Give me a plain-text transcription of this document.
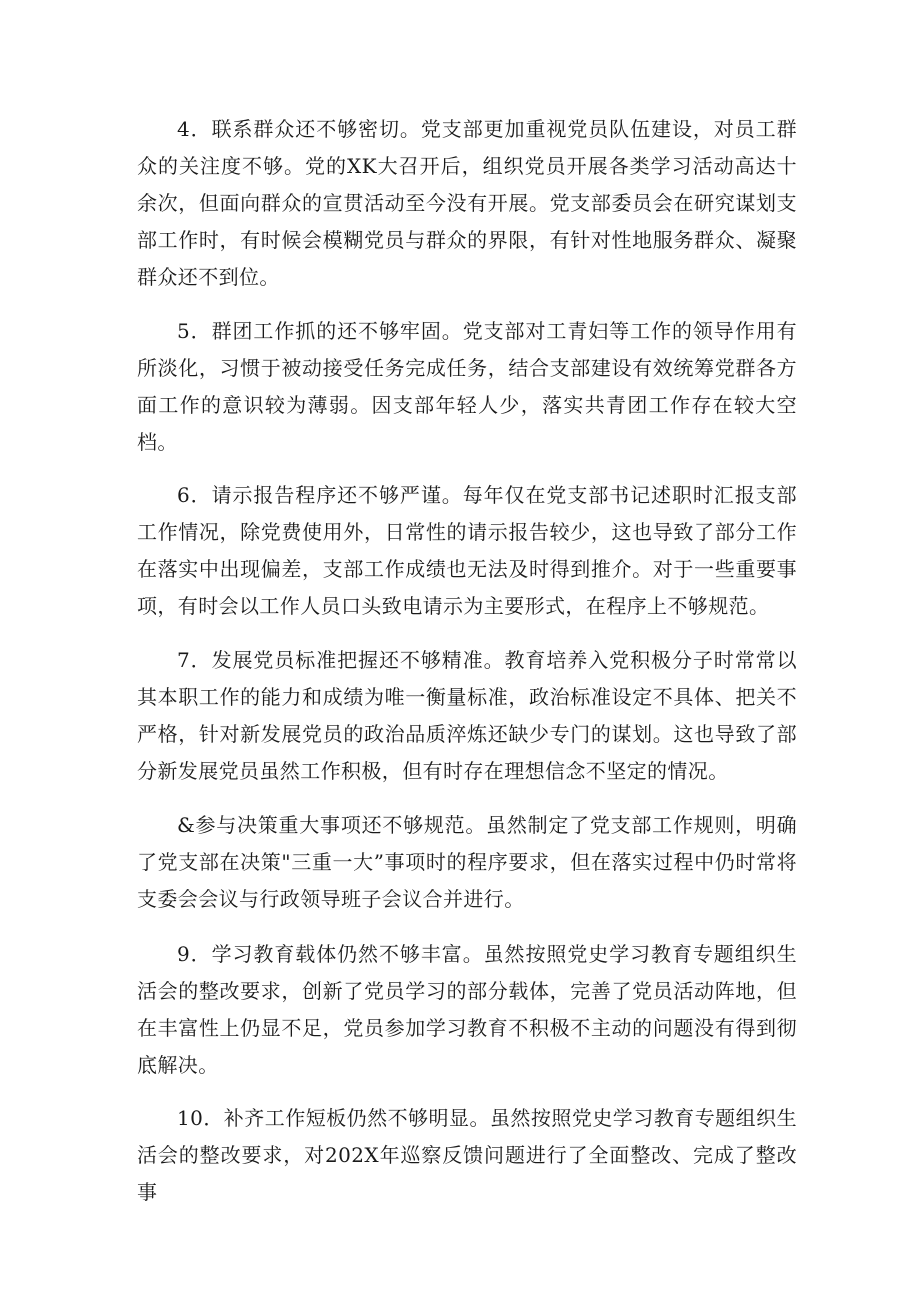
4．联系群众还不够密切。党支部更加重视党员队伍建设，对员工群众的关注度不够。党的XK大召开后，组织党员开展各类学习活动高达十余次，但面向群众的宣贯活动至今没有开展。党支部委员会在研究谋划支部工作时，有时候会模糊党员与群众的界限，有针对性地服务群众、凝聚群众还不到位。

5．群团工作抓的还不够牢固。党支部对工青妇等工作的领导作用有所淡化，习惯于被动接受任务完成任务，结合支部建设有效统筹党群各方面工作的意识较为薄弱。因支部年轻人少，落实共青团工作存在较大空档。

6．请示报告程序还不够严谨。每年仅在党支部书记述职时汇报支部工作情况，除党费使用外，日常性的请示报告较少，这也导致了部分工作在落实中出现偏差，支部工作成绩也无法及时得到推介。对于一些重要事项，有时会以工作人员口头致电请示为主要形式，在程序上不够规范。

7．发展党员标准把握还不够精准。教育培养入党积极分子时常常以其本职工作的能力和成绩为唯一衡量标准，政治标准设定不具体、把关不严格，针对新发展党员的政治品质淬炼还缺少专门的谋划。这也导致了部分新发展党员虽然工作积极，但有时存在理想信念不坚定的情况。

&参与决策重大事项还不够规范。虽然制定了党支部工作规则，明确了党支部在决策"三重一大”事项时的程序要求，但在落实过程中仍时常将支委会会议与行政领导班子会议合并进行。

9．学习教育载体仍然不够丰富。虽然按照党史学习教育专题组织生活会的整改要求，创新了党员学习的部分载体，完善了党员活动阵地，但在丰富性上仍显不足，党员参加学习教育不积极不主动的问题没有得到彻底解决。

10．补齐工作短板仍然不够明显。虽然按照党史学习教育专题组织生活会的整改要求，对202X年巡察反馈问题进行了全面整改、完成了整改事
